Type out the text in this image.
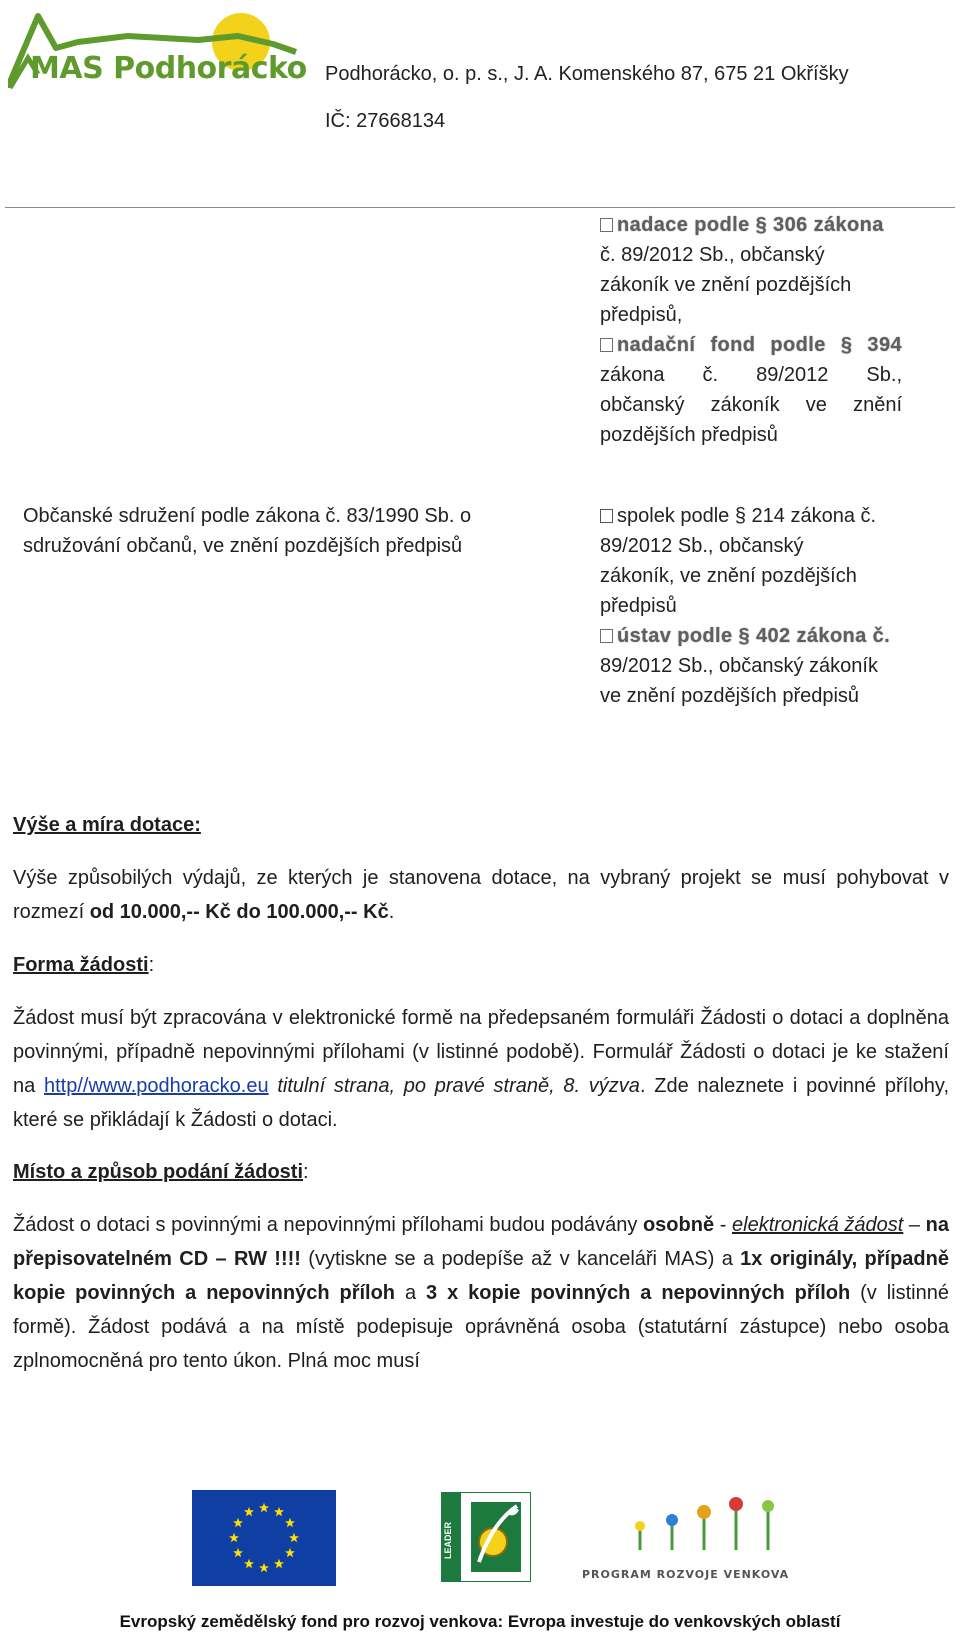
MAS Podhorácko Podhorácko, o. p. s., J. A. Komenského 87, 675 21 Okříšky
IČ: 27668134
nadace podle § 306 zákona
č. 89/2012 Sb., občanský
zákoník ve znění pozdějších
předpisů,
nadační fond podle § 394
zákona č. 89/2012 Sb.,
občanský zákoník ve znění
pozdějších předpisů
Občanské sdružení podle zákona č. 83/1990 Sb. o
sdružování občanů, ve znění pozdějších předpisů
spolek podle § 214 zákona č.
89/2012 Sb., občanský
zákoník, ve znění pozdějších
předpisů
ústav podle § 402 zákona č.
89/2012 Sb., občanský zákoník
ve znění pozdějších předpisů
Výše a míra dotace:
Výše způsobilých výdajů, ze kterých je stanovena dotace, na vybraný projekt se musí pohybovat v rozmezí od 10.000,-- Kč do 100.000,-- Kč.
Forma žádosti:
Žádost musí být zpracována v elektronické formě na předepsaném formuláři Žádosti o dotaci a doplněna povinnými, případně nepovinnými přílohami (v listinné podobě). Formulář Žádosti o dotaci je ke stažení na http//www.podhoracko.eu titulní strana, po pravé straně, 8. výzva. Zde naleznete i povinné přílohy, které se přikládají k Žádosti o dotaci.
Místo a způsob podání žádosti:
Žádost o dotaci s povinnými a nepovinnými přílohami budou podávány osobně - elektronická žádost – na přepisovatelném CD – RW !!!! (vytiskne se a podepíše až v kanceláři MAS) a 1x originály, případně kopie povinných a nepovinných příloh a 3 x kopie povinných a nepovinných příloh (v listinné formě). Žádost podává a na místě podepisuje oprávněná osoba (statutární zástupce) nebo osoba zplnomocněná pro tento úkon. Plná moc musí
LEADER
PROGRAM ROZVOJE VENKOVA
Evropský zemědělský fond pro rozvoj venkova: Evropa investuje do venkovských oblastí
